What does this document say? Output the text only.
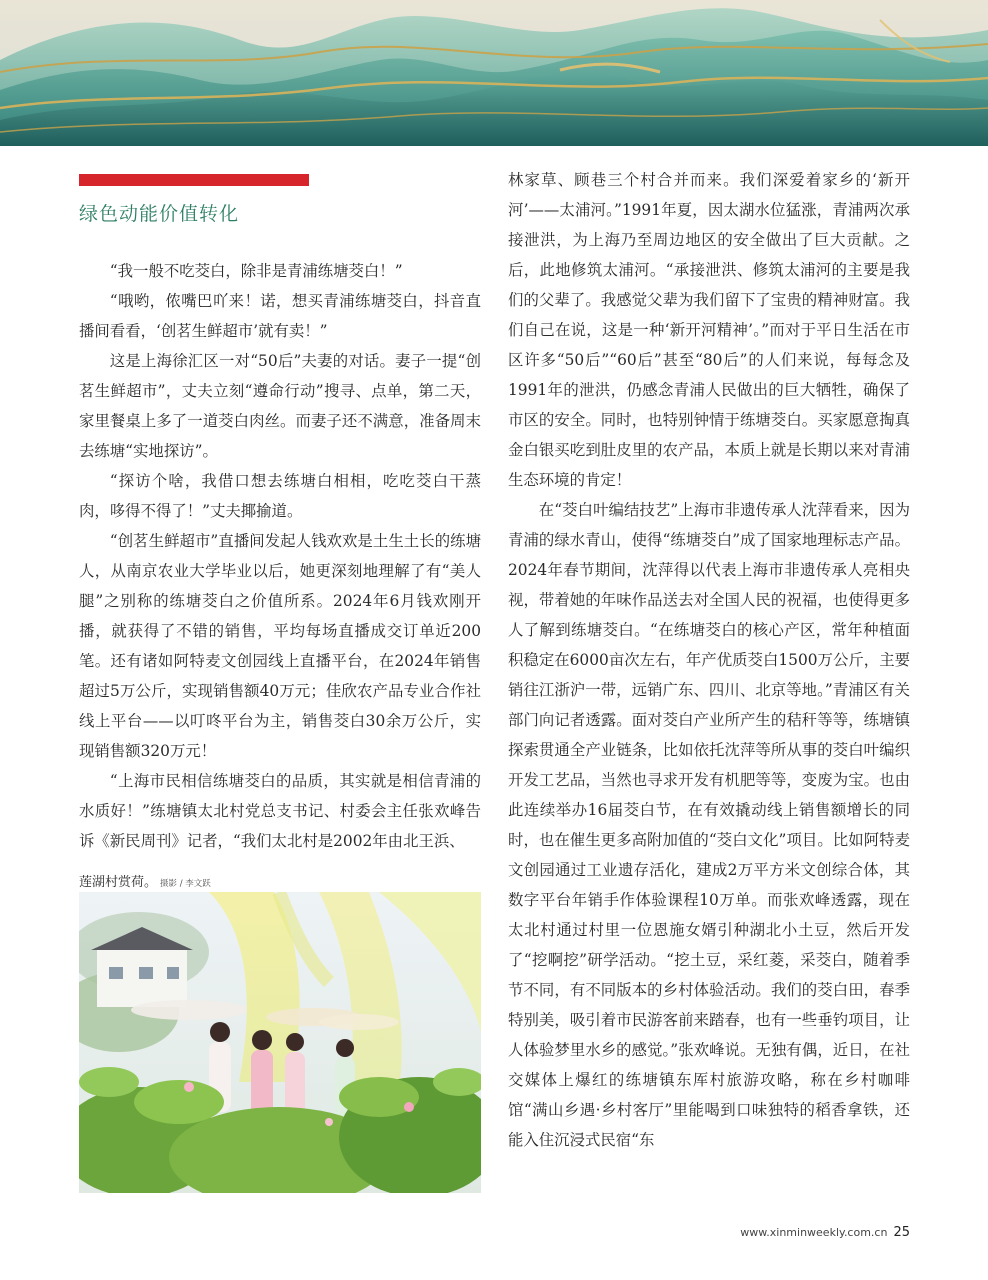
绿色动能价值转化

“我一般不吃茭白，除非是青浦练塘茭白！”

“哦哟，侬嘴巴吖来！诺，想买青浦练塘茭白，抖音直播间看看，‘创茗生鲜超市’就有卖！”

这是上海徐汇区一对“50后”夫妻的对话。妻子一提“创茗生鲜超市”，丈夫立刻“遵命行动”搜寻、点单，第二天，家里餐桌上多了一道茭白肉丝。而妻子还不满意，准备周末去练塘“实地探访”。

“探访个啥，我借口想去练塘白相相，吃吃茭白干蒸肉，哆得不得了！”丈夫揶揄道。

“创茗生鲜超市”直播间发起人钱欢欢是土生土长的练塘人，从南京农业大学毕业以后，她更深刻地理解了有“美人腿”之别称的练塘茭白之价值所系。2024年6月钱欢刚开播，就获得了不错的销售，平均每场直播成交订单近200笔。还有诸如阿特麦文创园线上直播平台，在2024年销售超过5万公斤，实现销售额40万元；佳欣农产品专业合作社线上平台——以叮咚平台为主，销售茭白30余万公斤，实现销售额320万元！

“上海市民相信练塘茭白的品质，其实就是相信青浦的水质好！”练塘镇太北村党总支书记、村委会主任张欢峰告诉《新民周刊》记者，“我们太北村是2002年由北王浜、

莲湖村赏荷。 摄影 / 李文跃

林家草、顾巷三个村合并而来。我们深爱着家乡的‘新开河’——太浦河。”1991年夏，因太湖水位猛涨，青浦两次承接泄洪，为上海乃至周边地区的安全做出了巨大贡献。之后，此地修筑太浦河。“承接泄洪、修筑太浦河的主要是我们的父辈了。我感觉父辈为我们留下了宝贵的精神财富。我们自己在说，这是一种‘新开河精神’。”而对于平日生活在市区许多“50后”“60后”甚至“80后”的人们来说，每每念及1991年的泄洪，仍感念青浦人民做出的巨大牺牲，确保了市区的安全。同时，也特别钟情于练塘茭白。买家愿意掏真金白银买吃到肚皮里的农产品，本质上就是长期以来对青浦生态环境的肯定！

在“茭白叶编结技艺”上海市非遗传承人沈萍看来，因为青浦的绿水青山，使得“练塘茭白”成了国家地理标志产品。2024年春节期间，沈萍得以代表上海市非遗传承人亮相央视，带着她的年味作品送去对全国人民的祝福，也使得更多人了解到练塘茭白。“在练塘茭白的核心产区，常年种植面积稳定在6000亩次左右，年产优质茭白1500万公斤，主要销往江浙沪一带，远销广东、四川、北京等地。”青浦区有关部门向记者透露。面对茭白产业所产生的秸秆等等，练塘镇探索贯通全产业链条，比如依托沈萍等所从事的茭白叶编织开发工艺品，当然也寻求开发有机肥等等，变废为宝。也由此连续举办16届茭白节，在有效撬动线上销售额增长的同时，也在催生更多高附加值的“茭白文化”项目。比如阿特麦文创园通过工业遗存活化，建成2万平方米文创综合体，其数字平台年销手作体验课程10万单。而张欢峰透露，现在太北村通过村里一位恩施女婿引种湖北小土豆，然后开发了“挖啊挖”研学活动。“挖土豆，采红菱，采茭白，随着季节不同，有不同版本的乡村体验活动。我们的茭白田，春季特别美，吸引着市民游客前来踏春，也有一些垂钓项目，让人体验梦里水乡的感觉。”张欢峰说。无独有偶，近日，在社交媒体上爆红的练塘镇东厍村旅游攻略，称在乡村咖啡馆“满山乡遇·乡村客厅”里能喝到口味独特的稻香拿铁，还能入住沉浸式民宿“东

www.xinminweekly.com.cn 25
